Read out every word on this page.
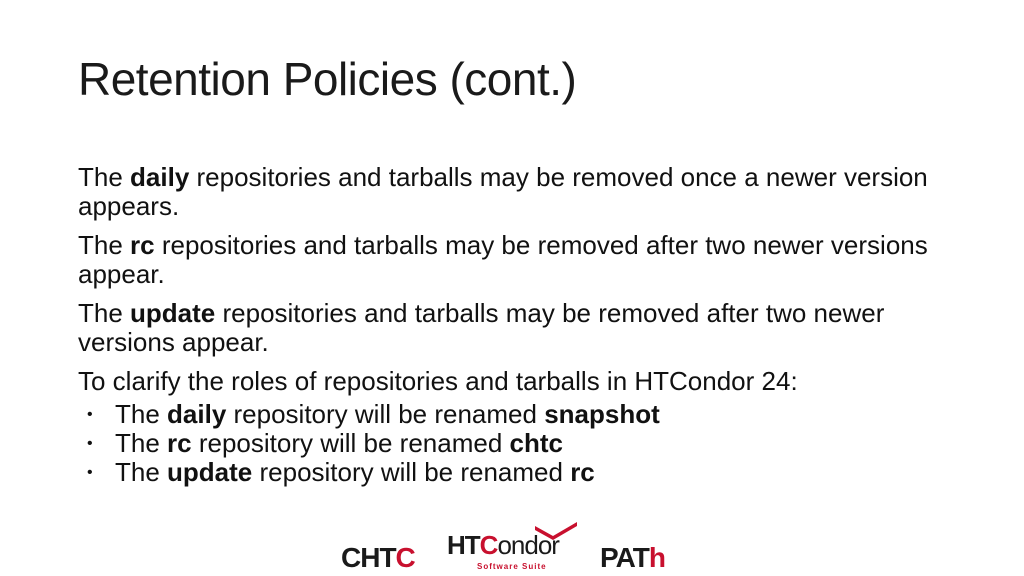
Retention Policies (cont.)

The daily repositories and tarballs may be removed once a newer version appears.

The rc repositories and tarballs may be removed after two newer versions appear.

The update repositories and tarballs may be removed after two newer versions appear.

To clarify the roles of repositories and tarballs in HTCondor 24:

• The daily repository will be renamed snapshot
• The rc repository will be renamed chtc
• The update repository will be renamed rc
CHTC HTCondor
Software Suite PATh
